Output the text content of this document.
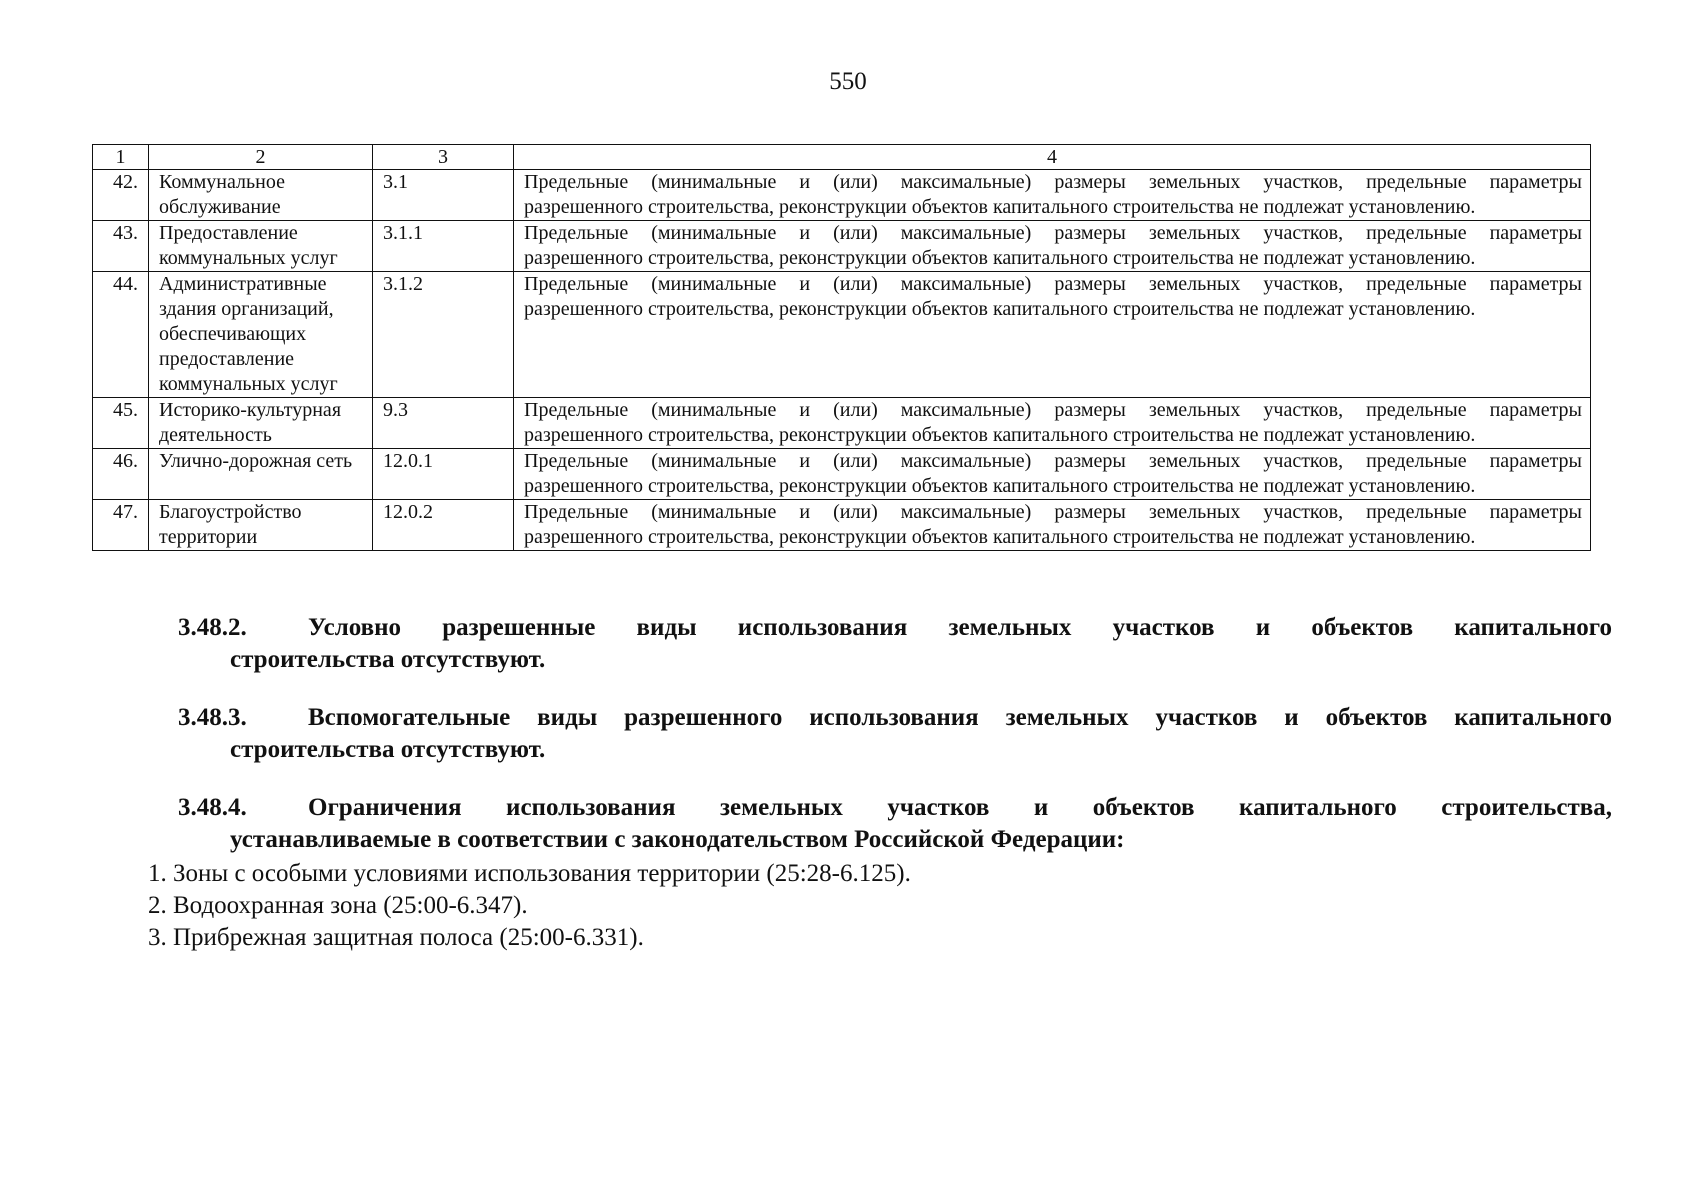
550
1	2	3	4
42.	Коммунальное обслуживание	3.1	Предельные (минимальные и (или) максимальные) размеры земельных участков, предельные параметры
разрешенного строительства, реконструкции объектов капитального строительства не подлежат установлению.

43.	Предоставление коммунальных услуг	3.1.1	Предельные (минимальные и (или) максимальные) размеры земельных участков, предельные параметры
разрешенного строительства, реконструкции объектов капитального строительства не подлежат установлению.

44.	Административные здания организаций, обеспечивающих предоставление коммунальных услуг	3.1.2	Предельные (минимальные и (или) максимальные) размеры земельных участков, предельные параметры
разрешенного строительства, реконструкции объектов капитального строительства не подлежат установлению.

45.	Историко-культурная деятельность	9.3	Предельные (минимальные и (или) максимальные) размеры земельных участков, предельные параметры
разрешенного строительства, реконструкции объектов капитального строительства не подлежат установлению.

46.	Улично-дорожная сеть	12.0.1	Предельные (минимальные и (или) максимальные) размеры земельных участков, предельные параметры
разрешенного строительства, реконструкции объектов капитального строительства не подлежат установлению.

47.	Благоустройство территории	12.0.2	Предельные (минимальные и (или) максимальные) размеры земельных участков, предельные параметры
разрешенного строительства, реконструкции объектов капитального строительства не подлежат установлению.
3.48.2.	Условно разрешенные виды использования земельных участков и объектов капитального
строительства отсутствуют.
3.48.3.	Вспомогательные виды разрешенного использования земельных участков и объектов капитального
строительства отсутствуют.
3.48.4.	Ограничения использования земельных участков и объектов капитального строительства,
устанавливаемые в соответствии с законодательством Российской Федерации:
1. Зоны с особыми условиями использования территории (25:28-6.125).
2. Водоохранная зона (25:00-6.347).
3. Прибрежная защитная полоса (25:00-6.331).
